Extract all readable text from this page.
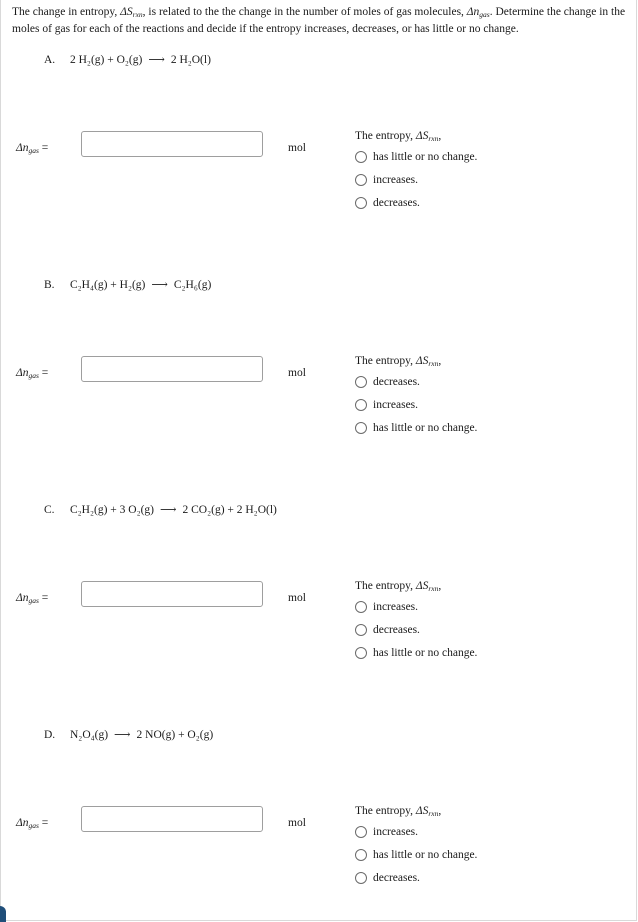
The change in entropy, $\Delta S_{rxn}$, is related to the the change in the number of moles of gas molecules, $\Delta n_{gas}$. Determine the change in the moles of gas for each of the reactions and decide if the entropy increases, decreases, or has little or no change.
A. 2 H₂(g) + O₂(g) ⟶ 2 H₂O(l)
$\Delta n_{gas}$ =	mol
The entropy, $\Delta S_{rxn}$,
has little or no change.
increases.
decreases.
B. C₂H₄(g) + H₂(g) ⟶ C₂H₆(g)
$\Delta n_{gas}$ =	mol
The entropy, $\Delta S_{rxn}$,
decreases.
increases.
has little or no change.
C. C₂H₂(g) + 3 O₂(g) ⟶ 2 CO₂(g) + 2 H₂O(l)
$\Delta n_{gas}$ =	mol
The entropy, $\Delta S_{rxn}$,
increases.
decreases.
has little or no change.
D. N₂O₄(g) ⟶ 2 NO(g) + O₂(g)
$\Delta n_{gas}$ =	mol
The entropy, $\Delta S_{rxn}$,
increases.
has little or no change.
decreases.
